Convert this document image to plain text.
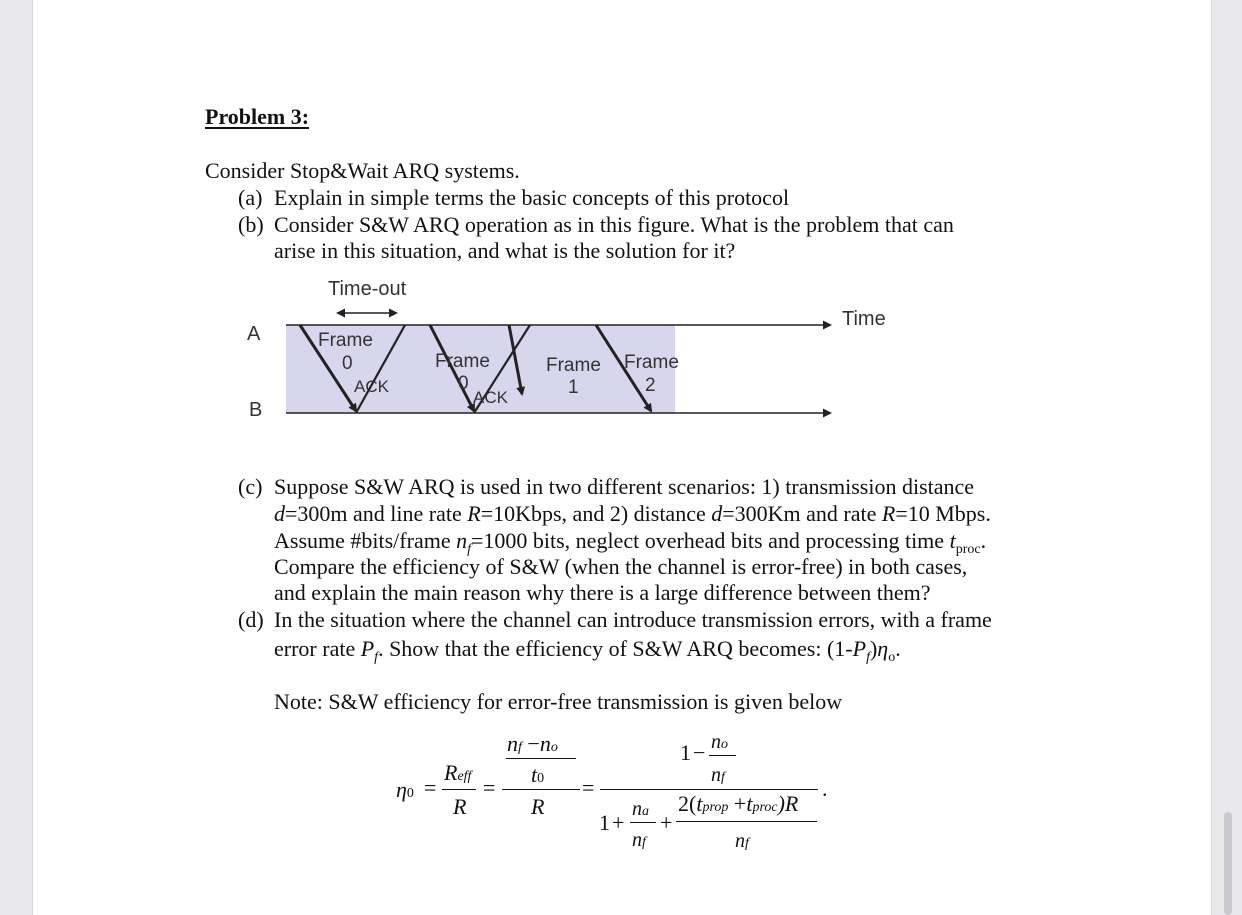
Problem 3:
Consider Stop&Wait ARQ systems.
(a) Explain in simple terms the basic concepts of this protocol
(b) Consider S&W ARQ operation as in this figure. What is the problem that can
arise in this situation, and what is the solution for it?
Time-out
Time
A
B
Frame
0
ACK
Frame
0
ACK
Frame
1
Frame
2
(c) Suppose S&W ARQ is used in two different scenarios: 1) transmission distance
d=300m and line rate R=10Kbps, and 2) distance d=300Km and rate R=10 Mbps.
Assume #bits/frame $n_f=1000$ bits, neglect overhead bits and processing time $t_{proc}$.
Compare the efficiency of S&W (when the channel is error-free) in both cases,
and explain the main reason why there is a large difference between them?
(d) In the situation where the channel can introduce transmission errors, with a frame
error rate $P_f$. Show that the efficiency of S&W ARQ becomes: $(1-P_f)\eta_o$.
Note: S&W efficiency for error-free transmission is given below
η0 =
Reff
R
=
nf −no
t0
R
=
1 − no
nf
1 +
na
nf
+
2(tprop +tproc)R
nf
.
